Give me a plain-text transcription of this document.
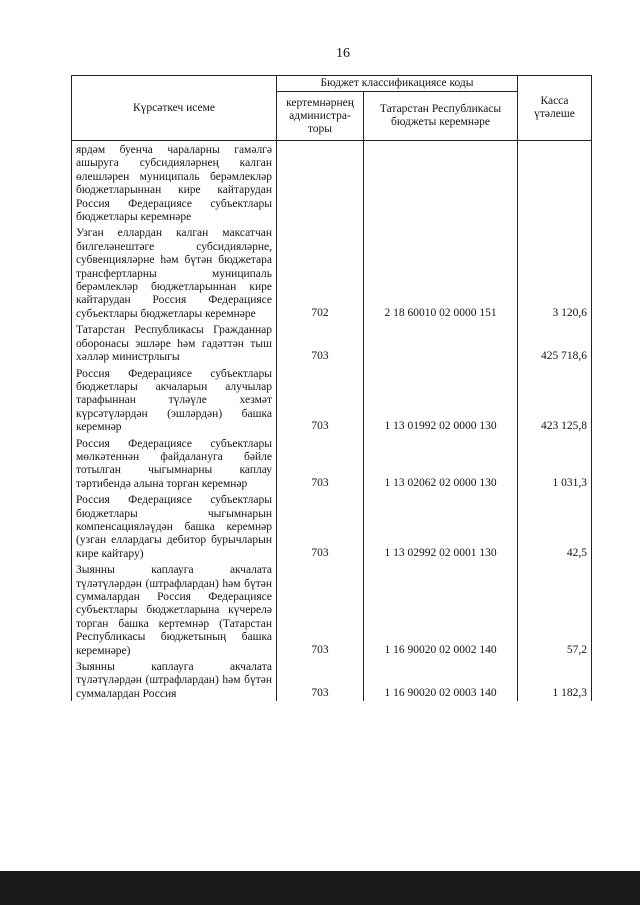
16
Күрсәткеч исеме	Бюджет классификациясе коды		Касса үтәлеше
	кертемнәрнең администра-торы	Татарстан Республикасы бюджеты керемнәре	
ярдәм буенча чараларны гамәлгә ашыруга субсидияләрнең калган өлешләрен муниципаль берәмлекләр бюджетларыннан кире кайтарудан Россия Федерациясе субъектлары бюджетлары керемнәре			
Узган еллардан калган максатчан билгеләнештәге субсидияләрне, субвенцияләрне һәм бүтән бюджетара трансфертларны муниципаль берәмлекләр бюджетларыннан кире кайтарудан Россия Федерациясе субъектлары бюджетлары керемнәре	702	2 18 60010 02 0000 151	3 120,6
Татарстан Республикасы Гражданнар оборонасы эшләре һәм гадәттән тыш хәлләр министрлыгы	703		425 718,6
Россия Федерациясе субъектлары бюджетлары акчаларын алучылар тарафыннан түләүле хезмәт күрсәтүләрдән (эшләрдән) башка керемнәр	703	1 13 01992 02 0000 130	423 125,8
Россия Федерациясе субъектлары мөлкәтеннән файдалануга бәйле тотылган чыгымнарны каплау тәртибендә алына торган керемнәр	703	1 13 02062 02 0000 130	1 031,3
Россия Федерациясе субъектлары бюджетлары чыгымнарын компенсацияләүдән башка керемнәр (узган еллардагы дебитор бурычларын кире кайтару)	703	1 13 02992 02 0001 130	42,5
Зыянны каплауга акчалата түләтүләрдән (штрафлардан) һәм бүтән суммалардан Россия Федерациясе субъектлары бюджетларына күчерелә торган башка кертемнәр (Татарстан Республикасы бюджетының башка керемнәре)	703	1 16 90020 02 0002 140	57,2
Зыянны каплауга акчалата түләтүләрдән (штрафлардан) һәм бүтән суммалардан Россия	703	1 16 90020 02 0003 140	1 182,3
